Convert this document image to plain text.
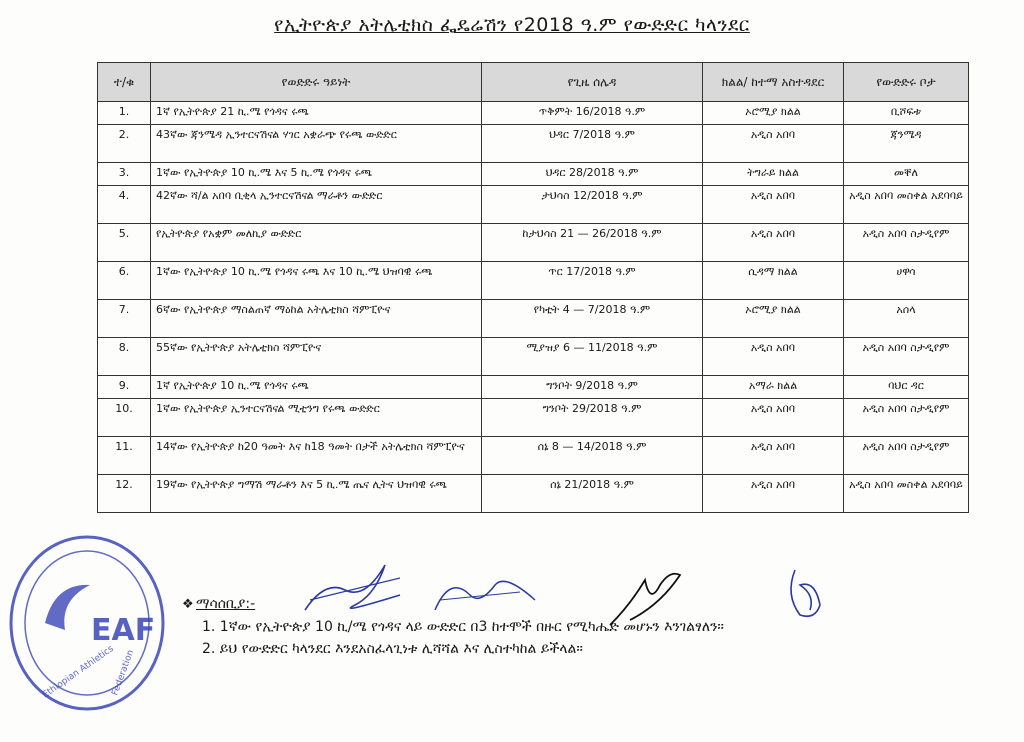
የኢትዮጵያ አትሌቲክስ ፌዴሬሽን የ2018 ዓ.ም የውድድር ካላንደር
ተ/ቁ	የወድድሩ ዓይነት	የጊዜ ሰሌዳ	ክልል/ ከተማ አስተዳደር	የውድድሩ ቦታ
1.	1ኛ የኢትዮጵያ 21 ኪ.ሜ የጎዳና ሩጫ	ጥቅምት 16/2018 ዓ.ም	ኦሮሚያ ክልል	ቢሾፍቱ
2.	43ኛው ጃንሜዳ ኢንተርናሽናል ሃገር አቋራጭ የሩጫ ውድድር	ህዳር 7/2018 ዓ.ም	አዲስ አበባ	ጃንሜዳ
3.	1ኛው የኢትዮጵያ 10 ኪ.ሜ እና 5 ኪ.ሜ የጎዳና ሩጫ	ህዳር 28/2018 ዓ.ም	ትግራይ ክልል	መቐለ
4.	42ኛው ሻ/ል አበባ ቢቂላ ኢንተርናሽናል ማራቶን ውድድር	ታህሳስ 12/2018 ዓ.ም	አዲስ አበባ	አዲስ አበባ መስቀል አደባባይ
5.	የኢትዮጵያ የአቋም መለኪያ ውድድር	ከታህሳስ 21 — 26/2018 ዓ.ም	አዲስ አበባ	አዲስ አበባ ስታዲየም
6.	1ኛው የኢትዮጵያ 10 ኪ.ሜ የጎዳና ሩጫ እና 10 ኪ.ሜ ህዝባዊ ሩጫ	ጥር 17/2018 ዓ.ም	ሲዳማ ክልል	ሀዋሳ
7.	6ኛው የኢትዮጵያ ማስልጠኛ ማዕከል አትሌቲክስ ሻምፒዮና	የካቲት 4 — 7/2018 ዓ.ም	ኦሮሚያ ክልል	አሰላ
8.	55ኛው የኢትዮጵያ አትሌቲክስ ሻምፒዮና	ሚያዝያ 6 — 11/2018 ዓ.ም	አዲስ አበባ	አዲስ አበባ ስታዲየም
9.	1ኛ የኢትዮጵያ 10 ኪ.ሜ የጎዳና ሩጫ	ግንቦት 9/2018 ዓ.ም	አማራ ክልል	ባህር ዳር
10.	1ኛው የኢትዮጵያ ኢንተርናሽናል ሚቲንግ የሩጫ ውድድር	ግንቦት 29/2018 ዓ.ም	አዲስ አበባ	አዲስ አበባ ስታዲየም
11.	14ኛው የኢትዮጵያ ከ20 ዓመት እና ከ18 ዓመት በታች አትሌቲክስ ሻምፒዮና	ሰኔ 8 — 14/2018 ዓ.ም	አዲስ አበባ	አዲስ አበባ ስታዲየም
12.	19ኛው የኢትዮጵያ ግማሽ ማራቶን እና 5 ኪ.ሜ ጤና ሊትና ህዝባዊ ሩጫ	ሰኔ 21/2018 ዓ.ም	አዲስ አበባ	አዲስ አበባ መስቀል አደባባይ
❖ ማሳሰቢያ:-
1. 1ኛው የኢትዮጵያ 10 ኪ/ሜ የጎዳና ላይ ውድድር በ3 ከተሞች በዙር የሚካሔድ መሆኑን እንገልፃለን።
2. ይህ የውድድር ካላንደር እንደአስፈላጊነቱ ሊሻሻል እና ሊስተካከል ይችላል።
EAF
Ethiopian Athletics
Federation
